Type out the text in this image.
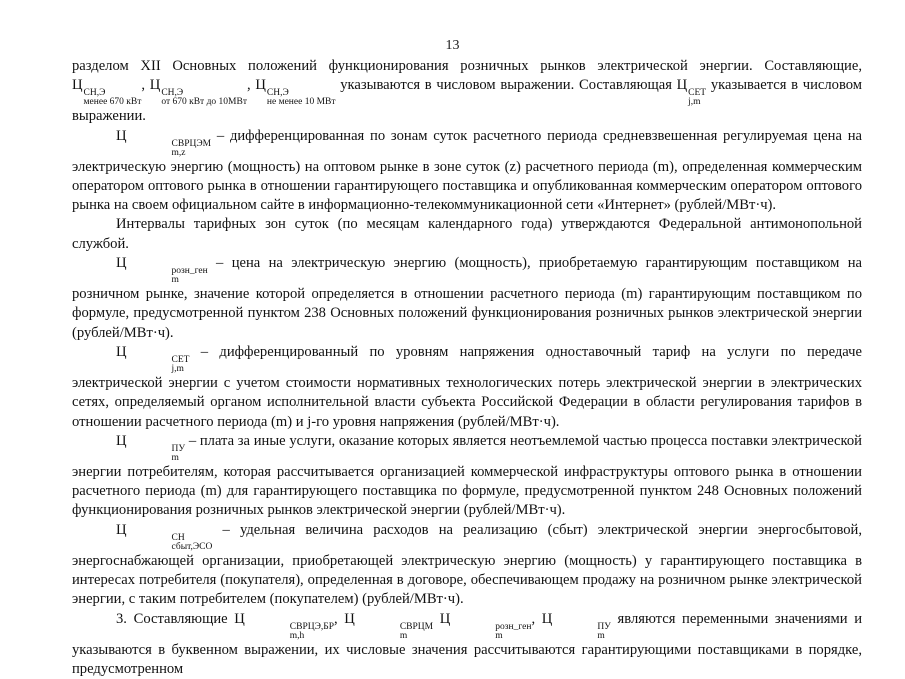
13

разделом XII Основных положений функционирования розничных рынков электрической энергии. Составляющие, Ц СН,Э
менее 670 кВт
, Ц СН,Э
от 670 кВт до 10МВт
, Ц СН,Э
не менее 10 МВт
указываются в числовом выражении. Составляющая Ц СЕТ
j,m
указывается в числовом выражении.

Ц	СВРЦЭМ
m,z
– дифференцированная по зонам суток расчетного периода средневзвешенная регулируемая цена на электрическую энергию (мощность) на оптовом рынке в зоне суток (z) расчетного периода (m), определенная коммерческим оператором оптового рынка в отношении гарантирующего поставщика и опубликованная коммерческим оператором оптового рынка на своем официальном сайте в информационно-телекоммуникационной сети «Интернет» (рублей/МВт·ч).

Интервалы тарифных зон суток (по месяцам календарного года) утверждаются Федеральной антимонопольной службой.

Ц	розн_ген
m
– цена на электрическую энергию (мощность), приобретаемую гарантирующим поставщиком на розничном рынке, значение которой определяется в отношении расчетного периода (m) гарантирующим поставщиком по формуле, предусмотренной пунктом 238 Основных положений функционирования розничных рынков электрической энергии (рублей/МВт·ч).

Ц	СЕТ
j,m
– дифференцированный по уровням напряжения одноставочный тариф на услуги по передаче электрической энергии с учетом стоимости нормативных технологических потерь электрической энергии в электрических сетях, определяемый органом исполнительной власти субъекта Российской Федерации в области регулирования тарифов в отношении расчетного периода (m) и j-го уровня напряжения (рублей/МВт·ч).

Ц	ПУ
m
– плата за иные услуги, оказание которых является неотъемлемой частью процесса поставки электрической энергии потребителям, которая рассчитывается организацией коммерческой инфраструктуры оптового рынка в отношении расчетного периода (m) для гарантирующего поставщика по формуле, предусмотренной пунктом 248 Основных положений функционирования розничных рынков электрической энергии (рублей/МВт·ч).

Ц	СН
сбыт,ЭСО
– удельная величина расходов на реализацию (сбыт) электрической энергии энергосбытовой, энергоснабжающей организации, приобретающей электрическую энергию (мощность) у гарантирующего поставщика в интересах потребителя (покупателя), определенная в договоре, обеспечивающем продажу на розничном рынке электрической энергии, с таким потребителем (покупателем) (рублей/МВт·ч).

3. Составляющие Ц	СВРЦЭ,БР
m,h
, Ц	СВРЦМ
m
Ц	розн_ген
m
, Ц	ПУ
m
являются переменными значениями и указываются в буквенном выражении, их числовые значения рассчитываются гарантирующими поставщиками в порядке, предусмотренном
